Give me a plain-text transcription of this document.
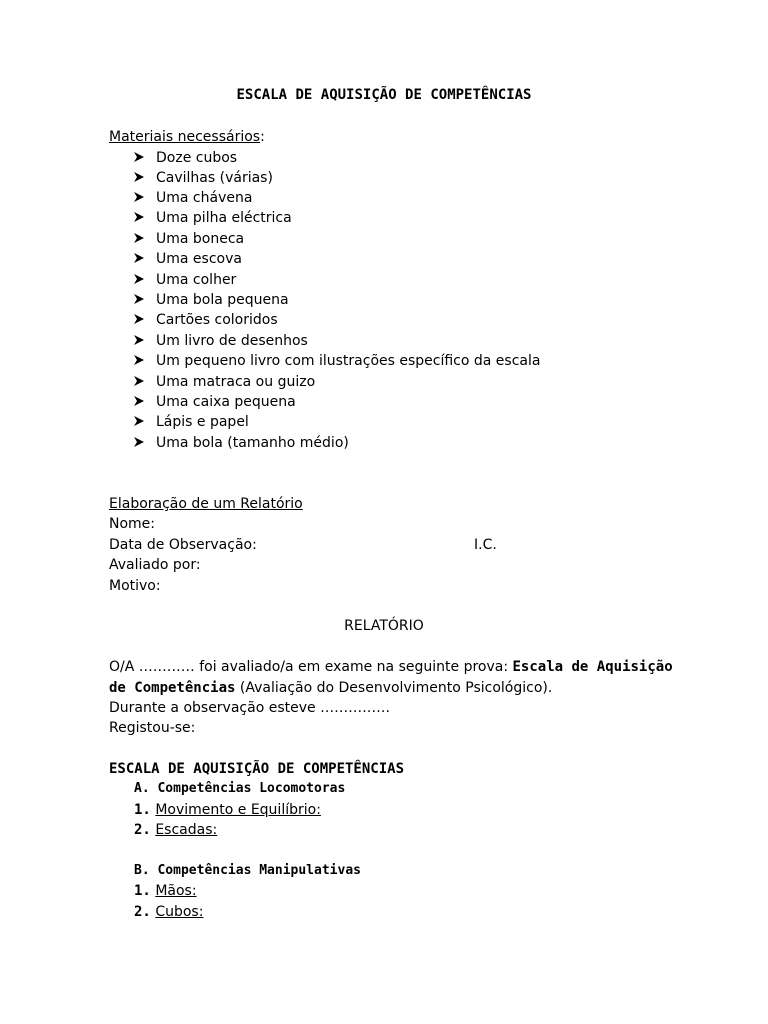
ESCALA DE AQUISIÇÃO DE COMPETÊNCIAS
Materiais necessários:
Doze cubos
Cavilhas (várias)
Uma chávena
Uma pilha eléctrica
Uma boneca
Uma escova
Uma colher
Uma bola pequena
Cartões coloridos
Um livro de desenhos
Um pequeno livro com ilustrações específico da escala
Uma matraca ou guizo
Uma caixa pequena
Lápis e papel
Uma bola (tamanho médio)
Elaboração de um Relatório
Nome:
Data de Observação:	I.C.
Avaliado por:
Motivo:
RELATÓRIO
O/A ………… foi avaliado/a em exame na seguinte prova: Escala de Aquisição
de Competências (Avaliação do Desenvolvimento Psicológico).
Durante a observação esteve ……………
Registou-se:
ESCALA DE AQUISIÇÃO DE COMPETÊNCIAS
A. Competências Locomotoras
1. Movimento e Equilíbrio:
2. Escadas:
B. Competências Manipulativas
1. Mãos:
2. Cubos:
